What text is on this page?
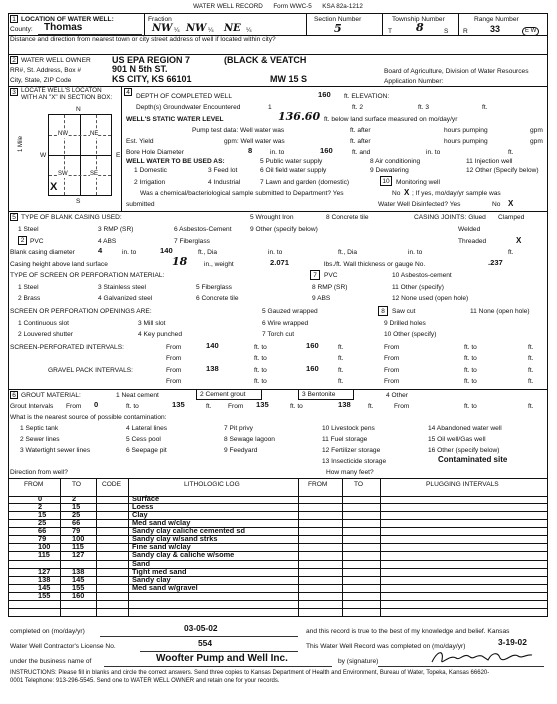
WATER WELL RECORD Form WWC-5 KSA 82a-1212
1 LOCATION OF WATER WELL:
County: Thomas
Fraction
NW ¼ NW ¼ NE ¼
Section Number
5
Township Number
T 8	S
Range Number
R 33	E W
Distance and direction from nearest town or city street address of well if located within city?
2 WATER WELL OWNER US EPA REGION 7	(BLACK & VEATCH
RR#, St. Address, Box #	901 N 5th ST.	Board of Agriculture, Division of Water Resources
City, State, ZIP Code	KS CITY, KS 66101	MW 15 S	Application Number:
3 LOCATE WELL'S LOCATON WITH AN "X" IN SECTION BOX:
N
S
W	E
1 Mile
NW	NE
SW	SE
X
4
DEPTH OF COMPLETED WELL	160 ft. ELEVATION:
Depth(s) Groundwater Encountered	1	ft. 2	ft. 3	ft.
WELL'S STATIC WATER LEVEL	136.60 ft. below land surface measured on mo/day/yr
Pump test data: Well water was	ft. after	hours pumping	gpm
Est. Yield	gpm: Well water was	ft. after	hours pumping	gpm
Bore Hole Diameter	8	in. to	160	ft. and	in. to	ft.
WELL WATER TO BE USED AS:	5 Public water supply	8 Air conditioning	11 Injection well
1 Domestic	3 Feed lot	6 Oil field water supply	9 Dewatering	12 Other (Specify below)
2 Irrigation	4 Industrial	7 Lawn and garden (domestic)	10 Monitoring well
Was a chemical/bacteriological sample submitted to Department? Yes	No X ; If yes, mo/day/yr sample was
submitted	Water Well Disinfected? Yes	No X
5 TYPE OF BLANK CASING USED:	5 Wrought Iron	8 Concrete tile	CASING JOINTS: Glued Clamped
1 Steel	3 RMP (SR)	6 Asbestos-Cement	9 Other (specify below)	Welded
2 PVC	4 ABS	7 Fiberglass	Threaded	X
Blank casing diameter	4	in. to	140	ft., Dia	in. to	ft., Dia	in. to	ft.
Casing height above land surface	18	in., weight	2.071	lbs./ft. Wall thickness or gauge No.	.237
TYPE OF SCREEN OR PERFORATION MATERIAL:	7	PVC	10 Asbestos-cement
1 Steel	3 Stainless steel	5 Fiberglass	8 RMP (SR)	11 Other (specify)
2 Brass	4 Galvanized steel	6 Concrete tile	9 ABS	12 None used (open hole)
SCREEN OR PERFORATION OPENINGS ARE:	5 Gauzed wrapped	8	Saw cut	11 None (open hole)
1 Continuous slot	3 Mill slot	6 Wire wrapped	9 Drilled holes
2 Louvered shutter	4 Key punched	7 Torch cut	10 Other (specify)
SCREEN-PERFORATED INTERVALS:	From	140	ft. to	160	ft.	From	ft. to	ft.
From	ft. to	ft.	From	ft. to	ft.
GRAVEL PACK INTERVALS:	From	138	ft. to	160	ft.	From	ft. to	ft.
From	ft. to	ft.	From	ft. to	ft.
6 GROUT MATERIAL:	1 Neat cement	2 Cement grout	3 Bentonite	4 Other
Grout Intervals From 0	ft. to	135	ft.	From 135	ft. to	138	ft.	From	ft. to	ft.
What is the nearest source of possible contamination:
1 Septic tank	4 Lateral lines	7 Pit privy	10 Livestock pens	14 Abandoned water well
2 Sewer lines	5 Cess pool	8 Sewage lagoon	11 Fuel storage	15 Oil well/Gas well
3 Watertight sewer lines	6 Seepage pit	9 Feedyard	12 Fertilizer storage	16 Other (specify below)
13 Insecticide storage	Contaminated site
Direction from well?	How many feet?
FROM	TO	CODE	LITHOLOGIC LOG	FROM	TO	PLUGGING INTERVALS
0	2	Surface
2	15	Loess
15	25	Clay
25	66	Med sand w/clay
66	79	Sandy clay caliche cemented sd
79	100	Sandy clay w/sand strks
100	115	Fine sand w/clay
115	127	Sandy clay & caliche w/some
Sand
127	138	Tight med sand
138	145	Sandy clay
145	155	Med sand w/gravel
155	160
completed on (mo/day/yr)	03-05-02	and this record is true to the best of my knowledge and belief. Kansas
Water Well Contractor's License No.	554	This Water Well Record was completed on (mo/day/yr)	3-19-02
under the business name of	Woofter Pump and Well Inc.	by (signature)
INSTRUCTIONS: Please fill in blanks and circle the correct answers. Send three copies to Kansas Department of Health and Environment, Bureau of Water, Topeka, Kansas 66620-
0001 Telephone: 913-296-5545. Send one to WATER WELL OWNER and retain one for your records.
